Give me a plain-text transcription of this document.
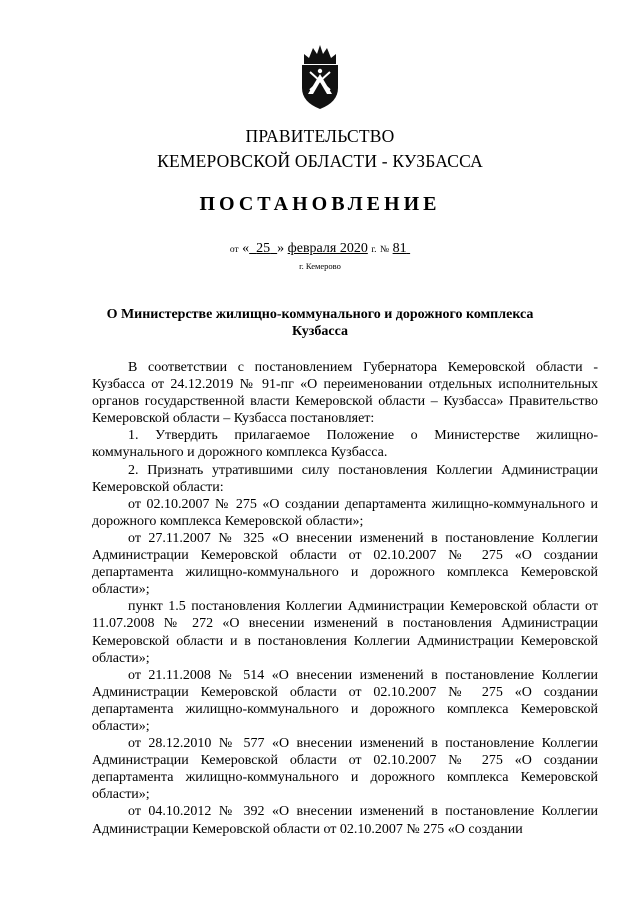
ПРАВИТЕЛЬСТВО
КЕМЕРОВСКОЙ ОБЛАСТИ - КУЗБАССА
ПОСТАНОВЛЕНИЕ
от « 25 » февраля 2020 г. № 81
г. Кемерово
О Министерстве жилищно-коммунального и дорожного комплекса Кузбасса

В соответствии с постановлением Губернатора Кемеровской области - Кузбасса от 24.12.2019 № 91-пг «О переименовании отдельных исполнительных органов государственной власти Кемеровской области – Кузбасса» Правительство Кемеровской области – Кузбасса постановляет:

1. Утвердить прилагаемое Положение о Министерстве жилищно-коммунального и дорожного комплекса Кузбасса.

2. Признать утратившими силу постановления Коллегии Администрации Кемеровской области:

от 02.10.2007 № 275 «О создании департамента жилищно-коммунального и дорожного комплекса Кемеровской области»;

от 27.11.2007 № 325 «О внесении изменений в постановление Коллегии Администрации Кемеровской области от 02.10.2007 № 275 «О создании департамента жилищно-коммунального и дорожного комплекса Кемеровской области»;

пункт 1.5 постановления Коллегии Администрации Кемеровской области от 11.07.2008 № 272 «О внесении изменений в постановления Администрации Кемеровской области и в постановления Коллегии Администрации Кемеровской области»;

от 21.11.2008 № 514 «О внесении изменений в постановление Коллегии Администрации Кемеровской области от 02.10.2007 № 275 «О создании департамента жилищно-коммунального и дорожного комплекса Кемеровской области»;

от 28.12.2010 № 577 «О внесении изменений в постановление Коллегии Администрации Кемеровской области от 02.10.2007 № 275 «О создании департамента жилищно-коммунального и дорожного комплекса Кемеровской области»;

от 04.10.2012 № 392 «О внесении изменений в постановление Коллегии Администрации Кемеровской области от 02.10.2007 № 275 «О создании
